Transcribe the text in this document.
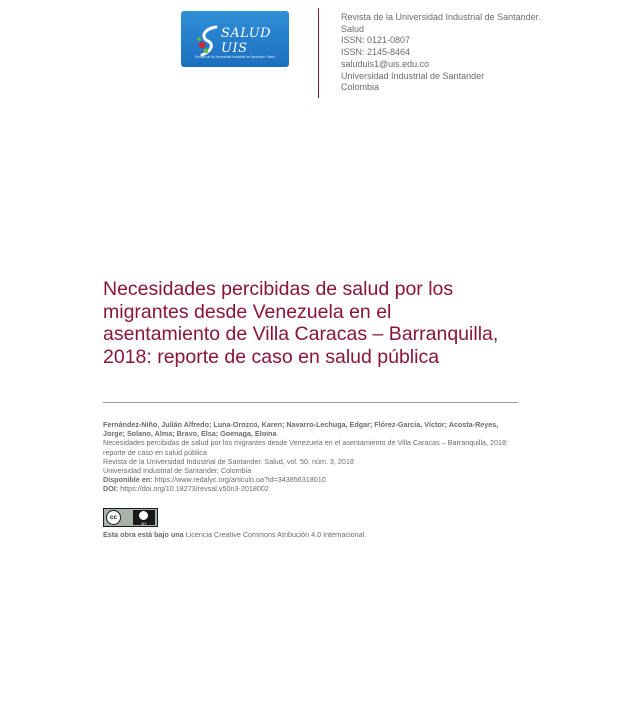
SALUD UIS
Revista de la Universidad Industrial de Santander. Salud
Revista de la Universidad Industrial de Santander.
Salud
ISSN: 0121-0807
ISSN: 2145-8464
saluduis1@uis.edu.co
Universidad Industrial de Santander
Colombia
Necesidades percibidas de salud por los migrantes desde Venezuela en el asentamiento de Villa Caracas – Barranquilla, 2018: reporte de caso en salud pública
Fernández-Niño, Julián Alfredo; Luna-Orozco, Karen; Navarro-Lechuga, Edgar; Flórez-García, Víctor; Acosta-Reyes, Jorge; Solano, Alma; Bravo, Elsa; Goenaga, Eloina
Necesidades percibidas de salud por los migrantes desde Venezuela en el asentamiento de Villa Caracas – Barranquilla, 2018: reporte de caso en salud pública
Revista de la Universidad Industrial de Santander. Salud, vol. 50, núm. 3, 2018
Universidad Industrial de Santander, Colombia
Disponible en: https://www.redalyc.org/articulo.oa?id=343856318010
DOI: https://doi.org/10.18273/revsal.v50n3-2018002
cc
BY
Esta obra está bajo una Licencia Creative Commons Atribución 4.0 Internacional.
